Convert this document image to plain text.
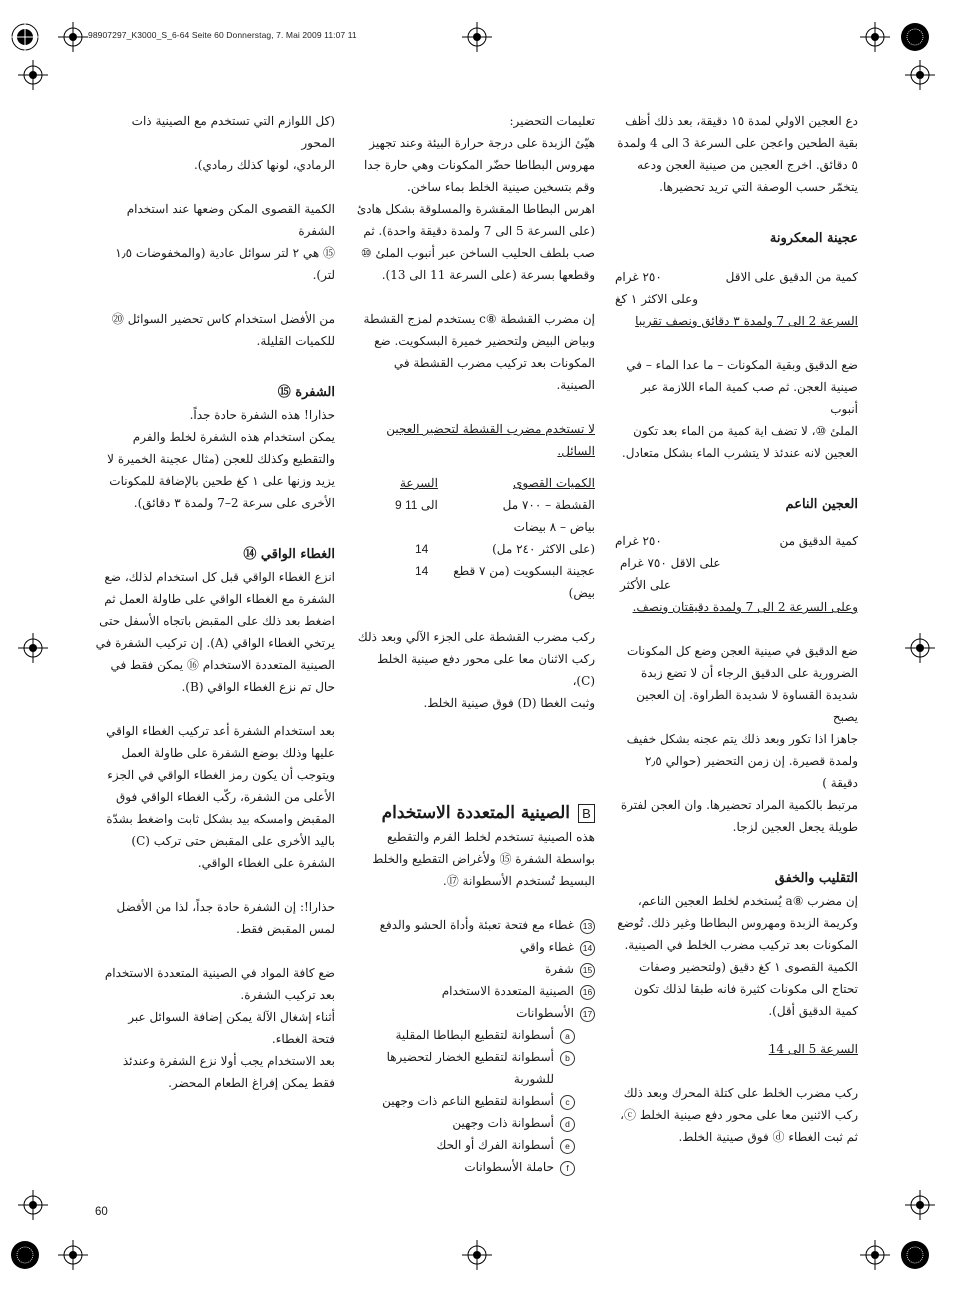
98907297_K3000_S_6-64 Seite 60 Donnerstag, 7. Mai 2009 11:07 11

دع العجين الاولي لمدة ١٥ دقيقة، بعد ذلك أظف

بقية الطحين واعجن على السرعة 3 الى 4 ولمدة

٥ دقائق. اخرج العجين من صينية العجن ودعه

يتخمّر حسب الوصفة التي تريد تحضيرها.

عجينة المعكرونة

كمية من الدقيق على الاقل
٢٥٠ غرام

وعلى الاكثر ١ كغ

السرعة 2 الى 7 ولمدة ٣ دقائق ونصف تقريبا

ضع الدقيق وبقية المكونات – ما عدا الماء – في

صينية العجن. ثم صب كمية الماء اللازمة عبر أنبوب

الملئ ⑩، لا تضف اية كمية من الماء بعد تكون

العجين لانه عندئذ لا يتشرب الماء بشكل متعادل.

العجين الناعم

كمية الدقيق من
٢٥٠ غرام

على الاقل ٧٥٠ غرام

على الأكثر

وعلى السرعة 2 الى 7 ولمدة دقيقتان ونصف.

ضع الدقيق في صينية العجن وضع كل المكونات

الضرورية على الدقيق الرجاء أن لا تضع زبدة

شديدة القساوة لا شديدة الطراوة. إن العجين يصبح

جاهزا اذا تكور وبعد ذلك يتم عجنه بشكل خفيف

ولمدة قصيرة. إن زمن التحضير (حوالي ٢٫٥ دقيقة )

مرتبط بالكمية المراد تحضيرها. وان العجن لفترة

طويلة يجعل العجين لزجا.

التقليب والخفق

إن مضرب ⑧a يُستخدم لخلط العجين الناعم،

وكريمة الزبدة ومهروس البطاطا وغير ذلك. تُوضع

المكونات بعد تركيب مضرب الخلط في الصينية.

الكمية القصوى ١ كغ دقيق (ولتحضير وصفات

تحتاج الى مكونات كثيرة فانه طبقا لذلك تكون

كمية الدقيق أقل).

السرعة 5 الى 14

ركب مضرب الخلط على كتلة المحرك وبعد ذلك

ركب الاثنين معا على محور دفع صينية الخلط ⓒ،

ثم ثبت الغطاء ⓓ فوق صينية الخلط.

تعليمات التحضير:

هيّئ الزبدة على درجة حرارة البيئة وعند تجهيز

مهروس البطاطا حضّر المكونات وهي حارة جدا

وقم بتسخين صينية الخلط بماء ساخن.

اهرس البطاطا المقشرة والمسلوقة بشكل هادئ

(على السرعة 5 الى 7 ولمدة دقيقة واحدة). ثم

صب بلطف الحليب الساخن عبر أنبوب الملئ ⑩

وقطعها بسرعة (على السرعة 11 الى 13).

إن مضرب القشطة ⑧c يستخدم لمزج القشطة

وبياض البيض ولتحضير خميرة البسكويت. ضع

المكونات بعد تركيب مضرب القشطة في الصينية.

لا تستخدم مضرب القشطة لتحضير العجين

السائل.

الكميات القصوى
السرعة
القشطة – ٧٠٠ مل
9 الى 11
بياض – ٨ بيضات
(على الاكثر ٢٤٠ مل)
14
عجينة البسكويت (من ٧ قطع بيض)
14

ركب مضرب القشطة على الجزء الآلي وبعد ذلك

ركب الاثنان معا على محور دفع صينية الخلط (C)،

وثبت الغطا (D) فوق صينية الخلط.

Bالصينية المتعددة الاستخدام

هذه الصينية تستخدم لخلط الفرم والتقطيع

بواسطة الشفرة ⑮ ولأغراض التقطيع والخلط

البسيط تُستخدم الأسطوانة ⑰.

13
غطاء مع فتحة تعبئة وأداة الحشو والدفع
14
غطاء واقي
15
شفرة
16
الصينية المتعددة الاستخدام
17
الأسطوانات
a
أسطوانة لتقطيع البطاطا المقلية
b
أسطوانة لتقطيع الخضار لتحضيرها
للشوربة
c
أسطوانة لتقطيع الناعم ذات وجهين
d
أسطوانة ذات وجهين
e
أسطوانة الفرك أو الحك
f
حاملة الأسطوانات

(كل اللوازم التي تستخدم مع الصينية ذات المحور

الرمادي، لونها كذلك رمادي).

الكمية القصوى المكن وضعها عند استخدام الشفرة

⑮ هي ٢ لتر سوائل عادية (والمخفوضات ١٫٥ لتر).

من الأفضل استخدام كاس تحضير السوائل ⑳

للكميات القليلة.

الشفرة ⑮

حذارا! هذه الشفرة حادة جداً.

يمكن استخدام هذه الشفرة لخلط والفرم

والتقطيع وكذلك للعجن (مثال عجينة الخميرة لا

يزيد وزنها على ١ كغ طحين بالإضافة للمكونات

الأخرى على سرعة 2–7 ولمدة ٣ دقائق).

الغطاء الواقي ⑭

انزع الغطاء الواقي قبل كل استخدام لذلك، ضع

الشفرة مع الغطاء الواقي على طاولة العمل ثم

اضغط بعد ذلك على المقبض باتجاه الأسفل حتى

يرتخي الغطاء الواقي (A). إن تركيب الشفرة في

الصينية المتعددة الاستخدام ⑯ يمكن فقط في

حال تم نزع الغطاء الواقي (B).

بعد استخدام الشفرة أعد تركيب الغطاء الواقي

عليها وذلك بوضع الشفرة على طاولة العمل

ويتوجب أن يكون رمز الغطاء الواقي في الجزء

الأعلى من الشفرة، ركّب الغطاء الواقي فوق

المقبض وامسكه بيد بشكل ثابت واضغط بشدّة

باليد الأخرى على المقبض حتى تركب (C)

الشفرة على الغطاء الواقي.

حذارا!: إن الشفرة حادة جداً، لذا من الأفضل

لمس المقبض فقط.

ضع كافة المواد في الصينية المتعددة الاستخدام

بعد تركيب الشفرة.

أثناء إشغال الآلة يمكن إضافة السوائل عبر

فتحة الغطاء.

بعد الاستخدام يجب أولا نزع الشفرة وعندئذ

فقط يمكن إفراغ الطعام المحضر.

60
